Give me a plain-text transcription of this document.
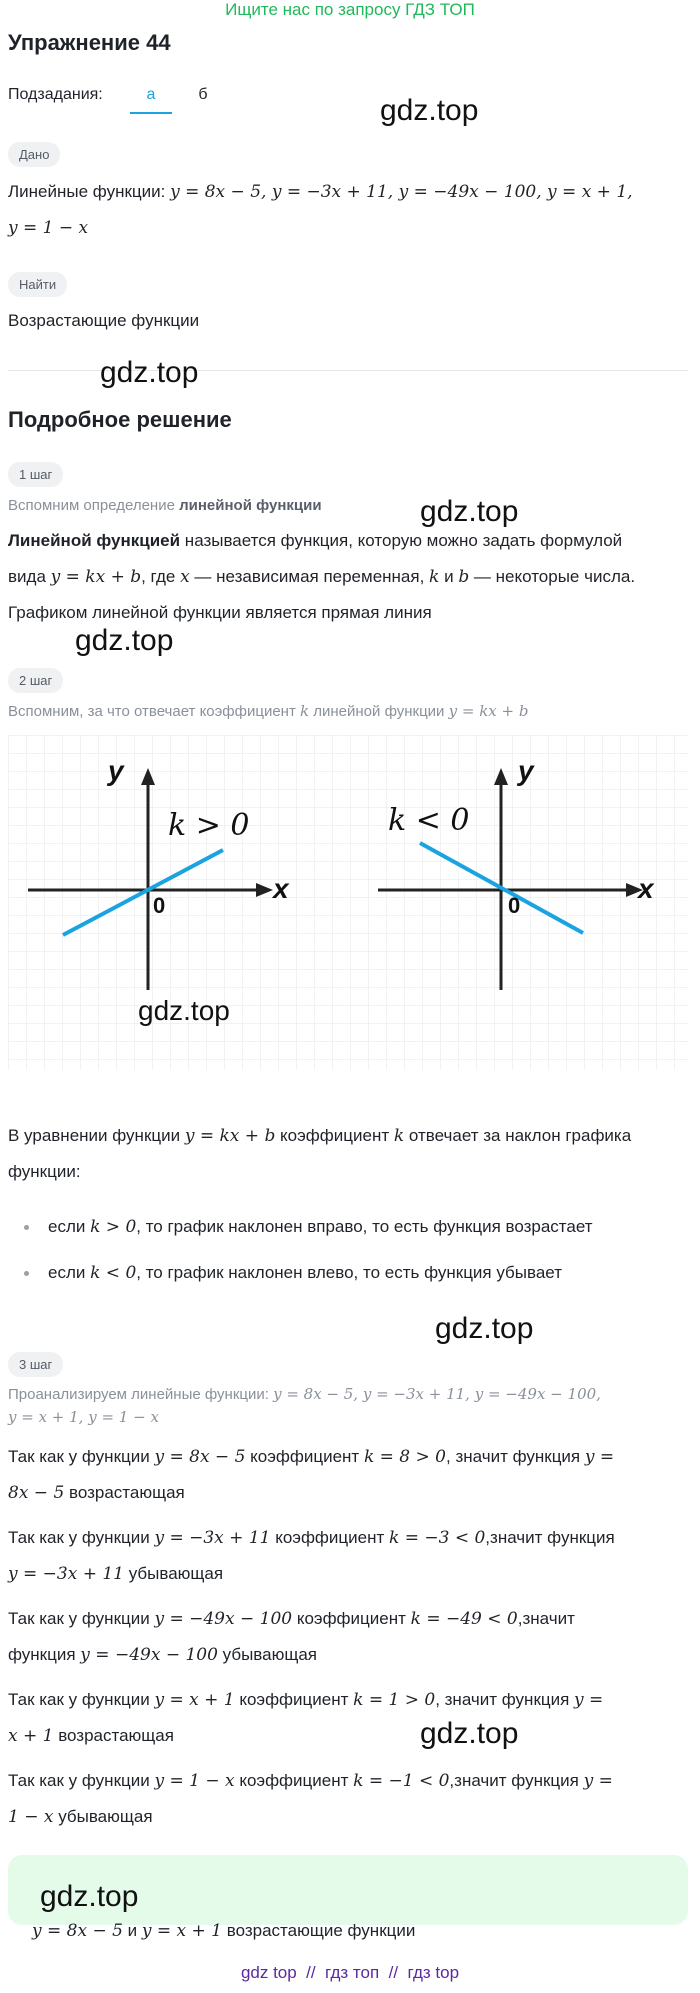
Ищите нас по запросу ГДЗ ТОП
Упражнение 44
Подзадания:	а	б	gdz.top
Дано
Линейные функции: y = 8x − 5, y = −3x + 11, y = −49x − 100, y = x + 1,
y = 1 − x
Найти
Возрастающие функции
gdz.top
Подробное решение
1 шаг
Вспомним определение линейной функции	gdz.top
Линейной функцией называется функция, которую можно задать формулой
вида y = kx + b, где x — независимая переменная, k и b — некоторые числа.
Графиком линейной функции является прямая линия
gdz.top
2 шаг
Вспомним, за что отвечает коэффициент k линейной функции y = kx + b
y
x
0
k > 0
y
x
0
k < 0
gdz.top
В уравнении функции y = kx + b коэффициент k отвечает за наклон графика
функции:
если k > 0, то график наклонен вправо, то есть функция возрастает
если k < 0, то график наклонен влево, то есть функция убывает
gdz.top
3 шаг
Проанализируем линейные функции: y = 8x − 5, y = −3x + 11, y = −49x − 100,
y = x + 1, y = 1 − x
Так как у функции y = 8x − 5 коэффициент k = 8 > 0, значит функция y =
8x − 5 возрастающая
Так как у функции y = −3x + 11 коэффициент k = −3 < 0,значит функция
y = −3x + 11 убывающая
Так как у функции y = −49x − 100 коэффициент k = −49 < 0,значит
функция y = −49x − 100 убывающая
Так как у функции y = x + 1 коэффициент k = 1 > 0, значит функция y =
x + 1 возрастающая
Так как у функции y = 1 − x коэффициент k = −1 < 0,значит функция y =
1 − x убывающая
gdz.top
gdz.top
y = 8x − 5 и y = x + 1 возрастающие функции
gdz top  //  гдз топ  //  гдз top
